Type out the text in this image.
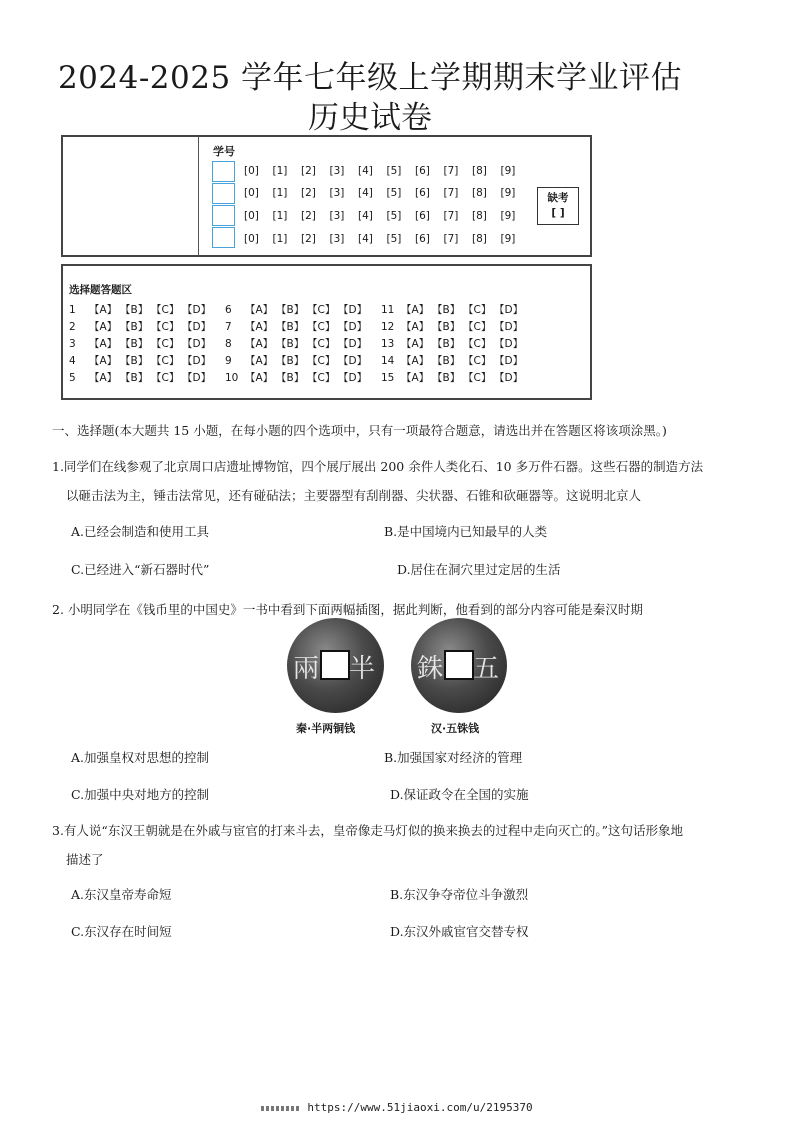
2024-2025 学年七年级上学期期末学业评估
历史试卷
学号
[0] [1] [2] [3] [4] [5] [6] [7] [8] [9]
[0] [1] [2] [3] [4] [5] [6] [7] [8] [9]
[0] [1] [2] [3] [4] [5] [6] [7] [8] [9]
[0] [1] [2] [3] [4] [5] [6] [7] [8] [9]
缺考
[ ]
选择题答题区
1 【A】 【B】 【C】 【D】
2 【A】 【B】 【C】 【D】
3 【A】 【B】 【C】 【D】
4 【A】 【B】 【C】 【D】
5 【A】 【B】 【C】 【D】
6 【A】 【B】 【C】 【D】
7 【A】 【B】 【C】 【D】
8 【A】 【B】 【C】 【D】
9 【A】 【B】 【C】 【D】
10 【A】 【B】 【C】 【D】
11 【A】 【B】 【C】 【D】
12 【A】 【B】 【C】 【D】
13 【A】 【B】 【C】 【D】
14 【A】 【B】 【C】 【D】
15 【A】 【B】 【C】 【D】
一、选择题(本大题共 15 小题，在每小题的四个选项中，只有一项最符合题意，请选出并在答题区将该项涂黑。)
1.同学们在线参观了北京周口店遗址博物馆，四个展厅展出 200 余件人类化石、10 多万件石器。这些石器的制造方法
以砸击法为主，锤击法常见，还有碰砧法；主要器型有刮削器、尖状器、石锥和砍砸器等。这说明北京人
A.已经会制造和使用工具	B.是中国境内已知最早的人类
C.已经进入“新石器时代”	D.居住在洞穴里过定居的生活
2. 小明同学在《钱币里的中国史》一书中看到下面两幅插图，据此判断，他看到的部分内容可能是秦汉时期
兩 半 銖 五
秦·半两铜钱	汉·五铢钱
A.加强皇权对思想的控制	B.加强国家对经济的管理
C.加强中央对地方的控制	D.保证政令在全国的实施
3.有人说“东汉王朝就是在外戚与宦官的打来斗去，皇帝像走马灯似的换来换去的过程中走向灭亡的。”这句话形象地
描述了
A.东汉皇帝寿命短	B.东汉争夺帝位斗争激烈
C.东汉存在时间短	D.东汉外戚宦官交替专权
https://www.51jiaoxi.com/u/2195370
